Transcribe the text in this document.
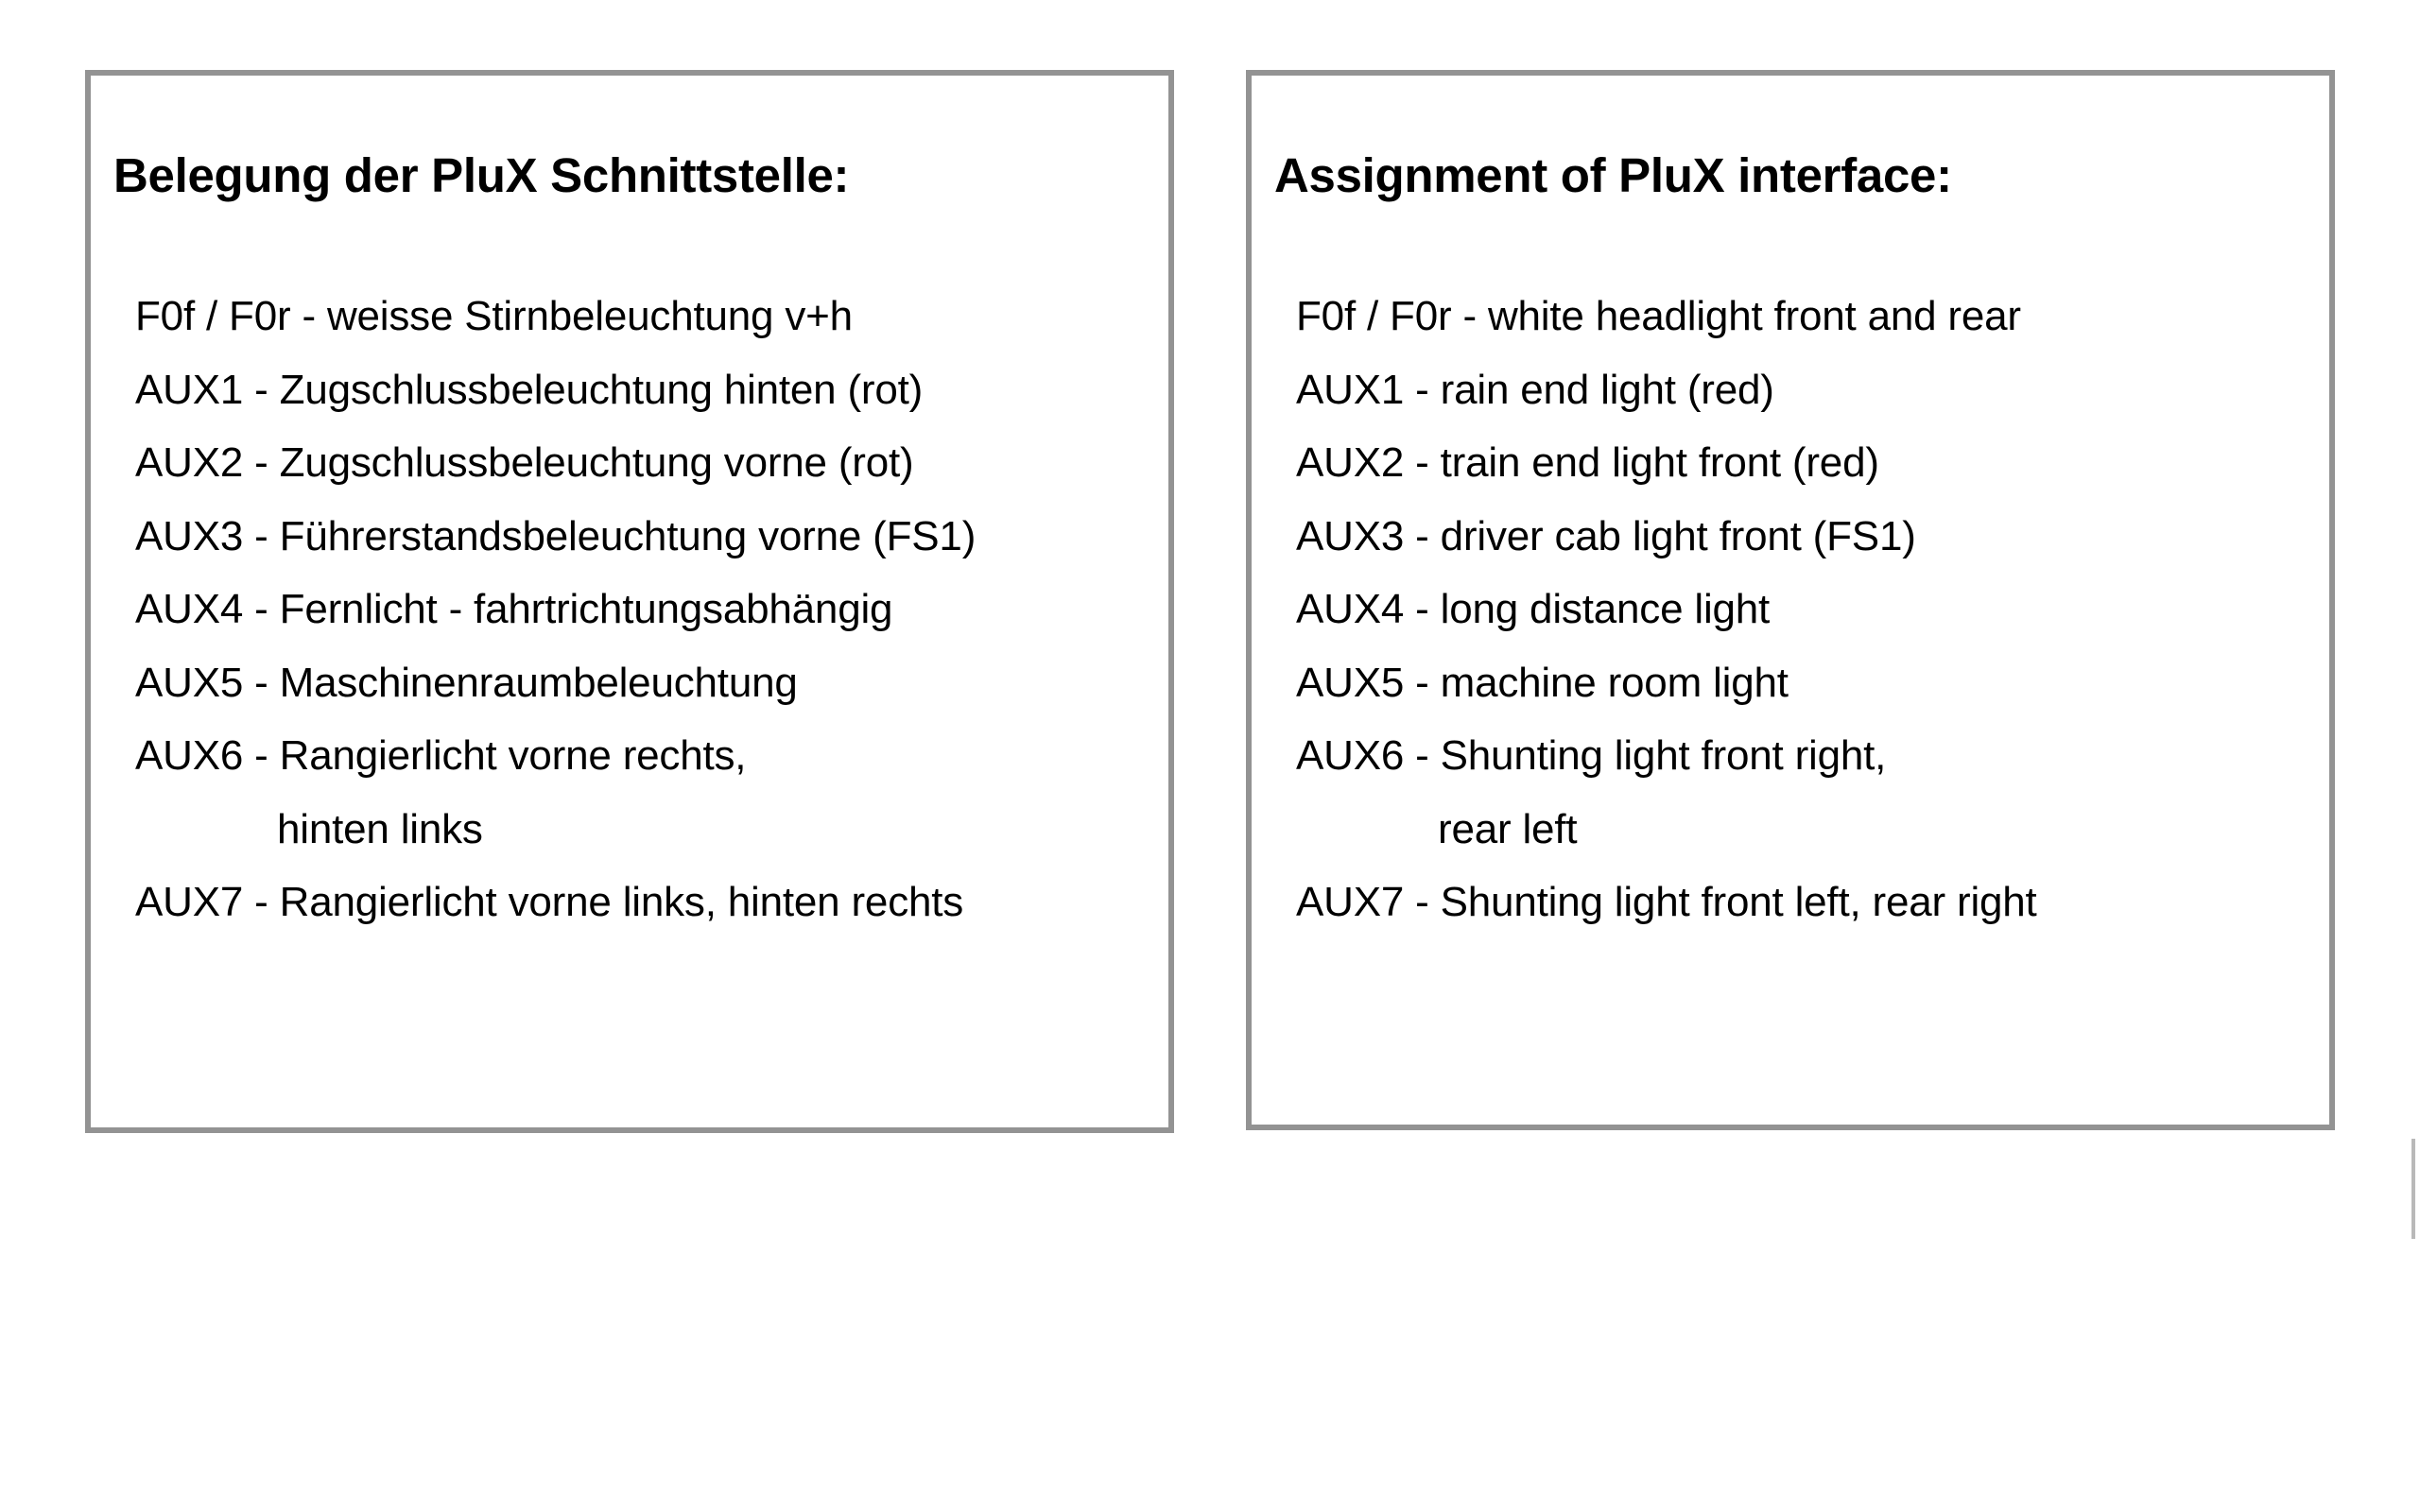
Belegung der PluX Schnittstelle:
F0f / F0r - weisse Stirnbeleuchtung v+h
AUX1 - Zugschlussbeleuchtung hinten (rot)
AUX2 - Zugschlussbeleuchtung vorne (rot)
AUX3 - Führerstandsbeleuchtung vorne (FS1)
AUX4 - Fernlicht - fahrtrichtungsabhängig
AUX5 - Maschinenraumbeleuchtung
AUX6 - Rangierlicht vorne rechts,
hinten links
AUX7 - Rangierlicht vorne links, hinten rechts
Assignment of PluX interface:
F0f / F0r - white headlight front and rear
AUX1 - rain end light (red)
AUX2 - train end light front (red)
AUX3 - driver cab light front (FS1)
AUX4 - long distance light
AUX5 - machine room light
AUX6 - Shunting light front right,
rear left
AUX7 - Shunting light front left, rear right
